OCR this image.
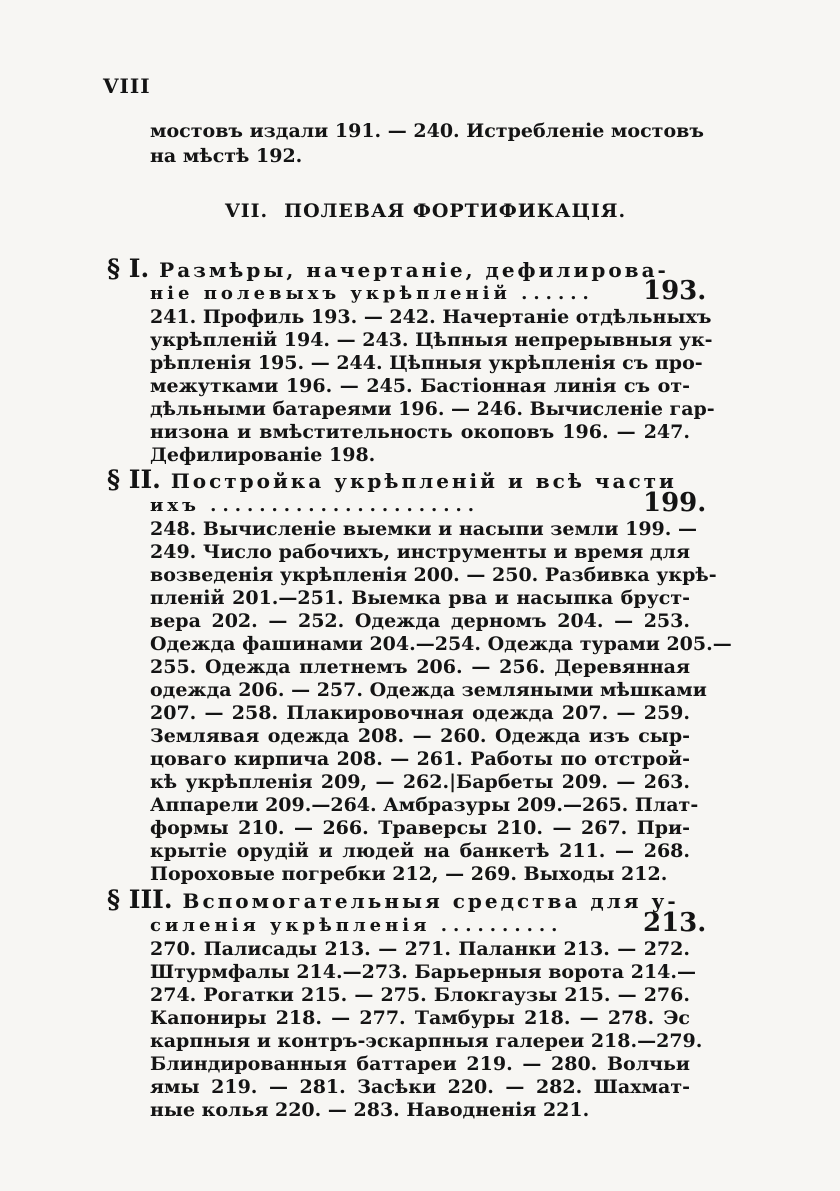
VIII
мостовъ издали 191. — 240. Истребленіе мостовъ
на мѣстѣ 192.
VII. ПОЛЕВАЯ ФОРТИФИКАЦІЯ.
§ I. Размѣры, начертаніе, дефилирова-
ніе полевыхъ укрѣпленій ...... 193.
241. Профиль 193. — 242. Начертаніе отдѣльныхъ
укрѣпленій 194. — 243. Цѣпныя непрерывныя ук-
рѣпленія 195. — 244. Цѣпныя укрѣпленія съ про-
межутками 196. — 245. Бастіонная линія съ от-
дѣльными батареями 196. — 246. Вычисленіе гар-
низона и вмѣстительность окоповъ 196. — 247.
Дефилированіе 198.
§ II. Постройка укрѣпленій и всѣ части
ихъ ......................	199.
248. Вычисленіе выемки и насыпи земли 199. —
249. Число рабочихъ, инструменты и время для
возведенія укрѣпленія 200. — 250. Разбивка укрѣ-
пленій 201.—251. Выемка рва и насыпка бруст-
вера 202. — 252. Одежда дерномъ 204. — 253.
Одежда фашинами 204.—254. Одежда турами 205.—
255. Одежда плетнемъ 206. — 256. Деревянная
одежда 206. — 257. Одежда земляными мѣшками
207. — 258. Плакировочная одежда 207. — 259.
Землявая одежда 208. — 260. Одежда изъ сыр-
цоваго кирпича 208. — 261. Работы по отстрой-
кѣ укрѣпленія 209, — 262.|Барбеты 209. — 263.
Аппарели 209.—264. Амбразуры 209.—265. Плат-
формы 210. — 266. Траверсы 210. — 267. При-
крытіе орудій и людей на банкетѣ 211. — 268.
Пороховые погребки 212, — 269. Выходы 212.
§ III. Вспомогательныя средства для у-
силенія укрѣпленія ..........	213.
270. Палисады 213. — 271. Паланки 213. — 272.
Штурмфалы 214.—273. Барьерныя ворота 214.—
274. Рогатки 215. — 275. Блокгаузы 215. — 276.
Капониры 218. — 277. Тамбуры 218. — 278. Эс
карпныя и контръ-эскарпныя галереи 218.—279.
Блиндированныя баттареи 219. — 280. Волчьи
ямы 219. — 281. Засѣки 220. — 282. Шахмат-
ные колья 220. — 283. Наводненія 221.
